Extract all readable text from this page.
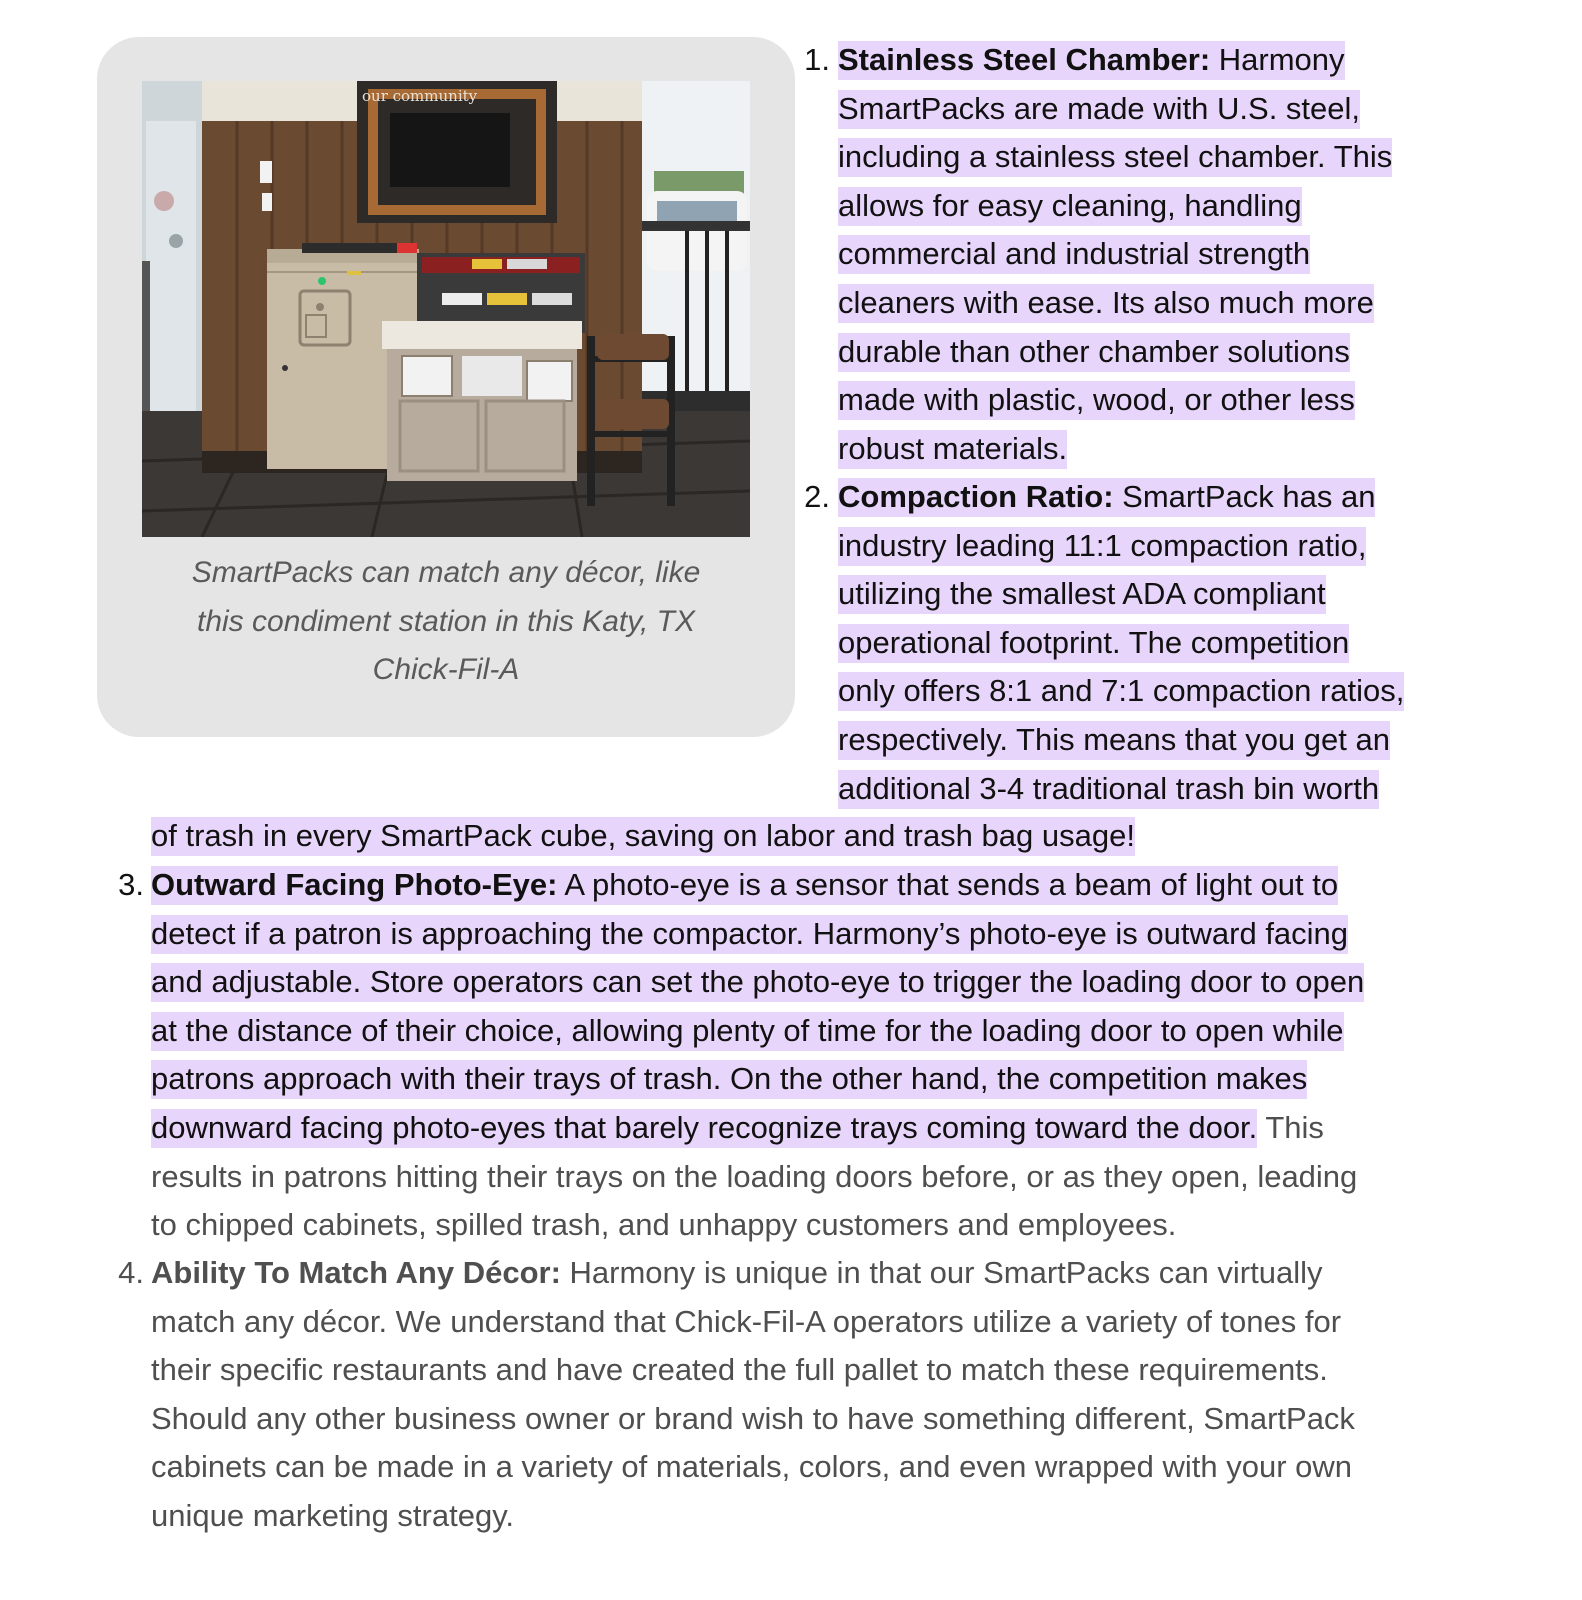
our community
SmartPacks can match any décor, like
this condiment station in this Katy, TX
Chick-Fil-A
1. Stainless Steel Chamber: Harmony
SmartPacks are made with U.S. steel,
including a stainless steel chamber. This
allows for easy cleaning, handling
commercial and industrial strength
cleaners with ease. Its also much more
durable than other chamber solutions
made with plastic, wood, or other less
robust materials.
2. Compaction Ratio: SmartPack has an
industry leading 11:1 compaction ratio,
utilizing the smallest ADA compliant
operational footprint. The competition
only offers 8:1 and 7:1 compaction ratios,
respectively. This means that you get an
additional 3-4 traditional trash bin worth
of trash in every SmartPack cube, saving on labor and trash bag usage!
3. Outward Facing Photo-Eye: A photo-eye is a sensor that sends a beam of light out to
detect if a patron is approaching the compactor. Harmony’s photo-eye is outward facing
and adjustable. Store operators can set the photo-eye to trigger the loading door to open
at the distance of their choice, allowing plenty of time for the loading door to open while
patrons approach with their trays of trash. On the other hand, the competition makes
downward facing photo-eyes that barely recognize trays coming toward the door. This
results in patrons hitting their trays on the loading doors before, or as they open, leading
to chipped cabinets, spilled trash, and unhappy customers and employees.
4. Ability To Match Any Décor: Harmony is unique in that our SmartPacks can virtually
match any décor. We understand that Chick-Fil-A operators utilize a variety of tones for
their specific restaurants and have created the full pallet to match these requirements.
Should any other business owner or brand wish to have something different, SmartPack
cabinets can be made in a variety of materials, colors, and even wrapped with your own
unique marketing strategy.
